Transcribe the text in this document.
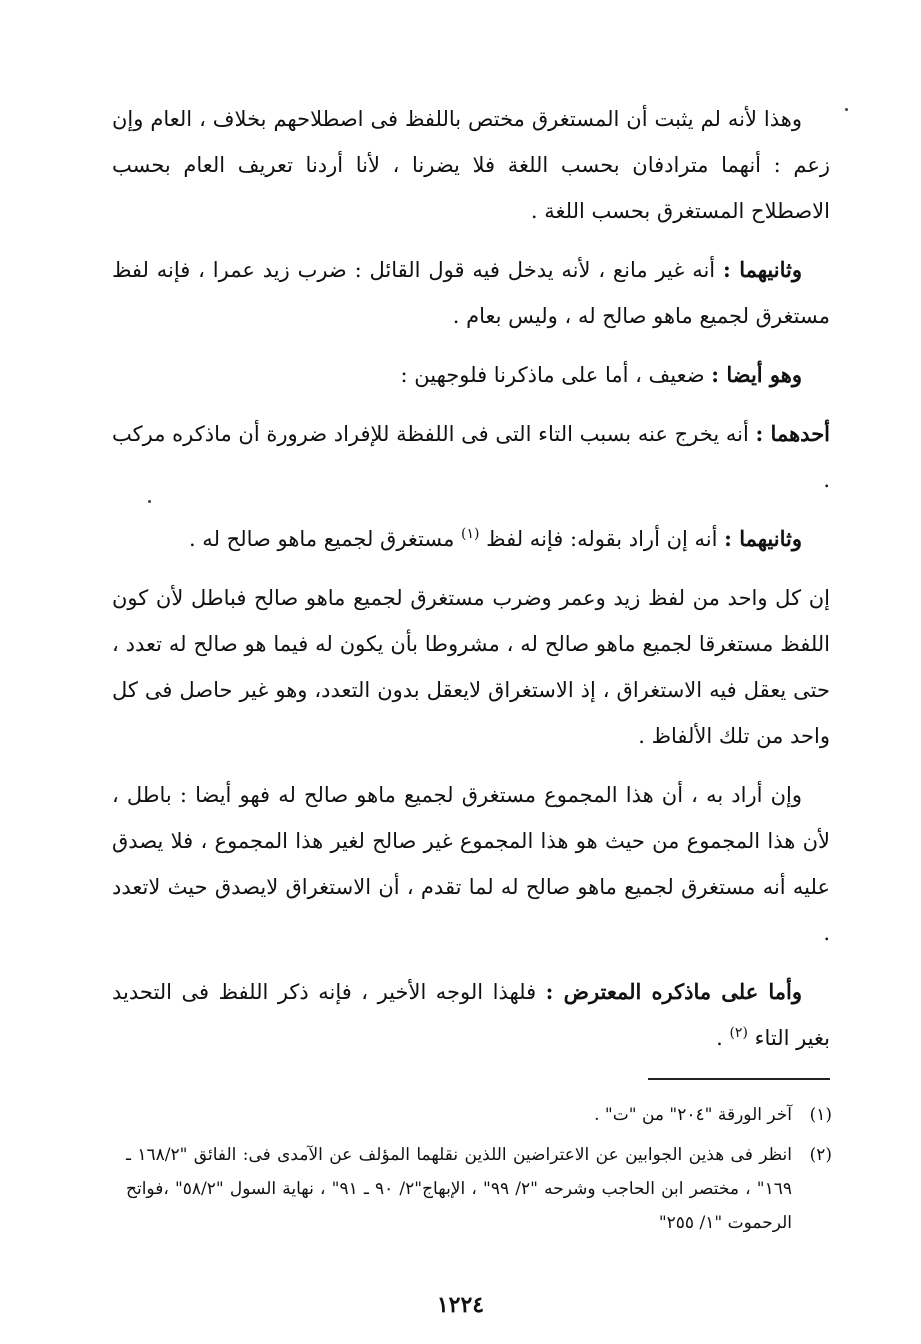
وهذا لأنه لم يثبت أن المستغرق مختص باللفظ فى اصطلاحهم بخلاف ، العام وإن زعم : أنهما مترادفان بحسب اللغة فلا يضرنا ، لأنا أردنا تعريف العام بحسب الاصطلاح المستغرق بحسب اللغة .

وثانيهما : أنه غير مانع ، لأنه يدخل فيه قول القائل : ضرب زيد عمرا ، فإنه لفظ مستغرق لجميع ماهو صالح له ، وليس بعام .

وهو أيضا : ضعيف ، أما على ماذكرنا فلوجهين :

أحدهما : أنه يخرج عنه بسبب التاء التى فى اللفظة للإفراد ضرورة أن ماذكره مركب .

وثانيهما : أنه إن أراد بقوله: فإنه لفظ $^{(١)}$ مستغرق لجميع ماهو صالح له .

إن كل واحد من لفظ زيد وعمر وضرب مستغرق لجميع ماهو صالح فباطل لأن كون اللفظ مستغرقا لجميع ماهو صالح له ، مشروطا بأن يكون له فيما هو صالح له تعدد ، حتى يعقل فيه الاستغراق ، إذ الاستغراق لايعقل بدون التعدد، وهو غير حاصل فى كل واحد من تلك الألفاظ .

وإن أراد به ، أن هذا المجموع مستغرق لجميع ماهو صالح له فهو أيضا : باطل ، لأن هذا المجموع من حيث هو هذا المجموع غير صالح لغير هذا المجموع ، فلا يصدق عليه أنه مستغرق لجميع ماهو صالح له لما تقدم ، أن الاستغراق لايصدق حيث لاتعدد .

وأما على ماذكره المعترض : فلهذا الوجه الأخير ، فإنه ذكر اللفظ فى التحديد بغير التاء $^{(٢)}$ .

(١)
آخر الورقة "٢٠٤" من "ت" .
(٢)
انظر فى هذين الجوابين عن الاعتراضين اللذين نقلهما المؤلف عن الآمدى فى: الفائق "١٦٨/٢ ـ ١٦٩" ، مختصر ابن الحاجب وشرحه "٢/ ٩٩" ، الإبهاج"٢/ ٩٠ ـ ٩١" ، نهاية السول "٥٨/٢" ،فواتح الرحموت "١/ ٢٥٥"
١٢٢٤
